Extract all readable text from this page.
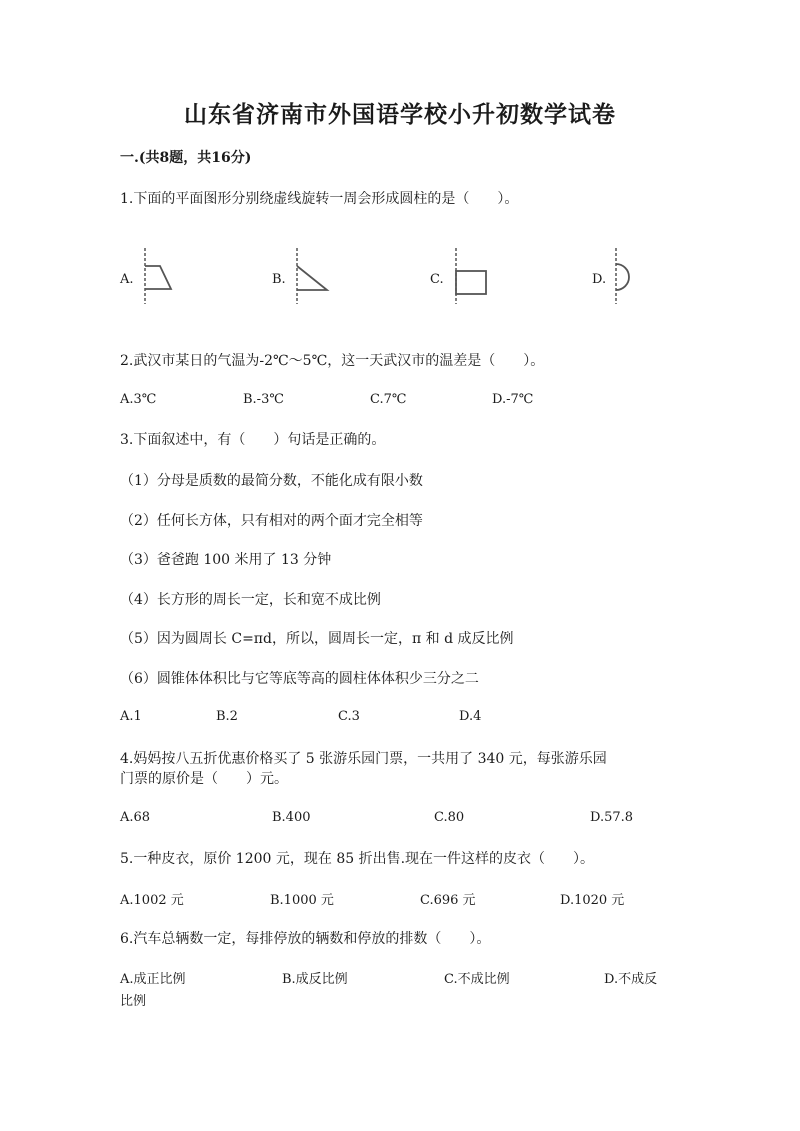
山东省济南市外国语学校小升初数学试卷
一.(共8题，共16分)
1.下面的平面图形分别绕虚线旋转一周会形成圆柱的是（　　）。
A.	B.	C.	D.
2.武汉市某日的气温为-2℃～5℃，这一天武汉市的温差是（　　）。
A.3℃	B.-3℃	C.7℃	D.-7℃
3.下面叙述中，有（　　）句话是正确的。
（1）分母是质数的最简分数，不能化成有限小数
（2）任何长方体，只有相对的两个面才完全相等
（3）爸爸跑 100 米用了 13 分钟
（4）长方形的周长一定，长和宽不成比例
（5）因为圆周长 C=πd，所以，圆周长一定，π 和 d 成反比例
（6）圆锥体体积比与它等底等高的圆柱体体积少三分之二
A.1	B.2	C.3	D.4
4.妈妈按八五折优惠价格买了 5 张游乐园门票，一共用了 340 元，每张游乐园
门票的原价是（　　）元。
A.68	B.400	C.80	D.57.8
5.一种皮衣，原价 1200 元，现在 85 折出售.现在一件这样的皮衣（　　）。
A.1002 元	B.1000 元	C.696 元	D.1020 元
6.汽车总辆数一定，每排停放的辆数和停放的排数（　　）。
A.成正比例	B.成反比例	C.不成比例	D.不成反
比例
